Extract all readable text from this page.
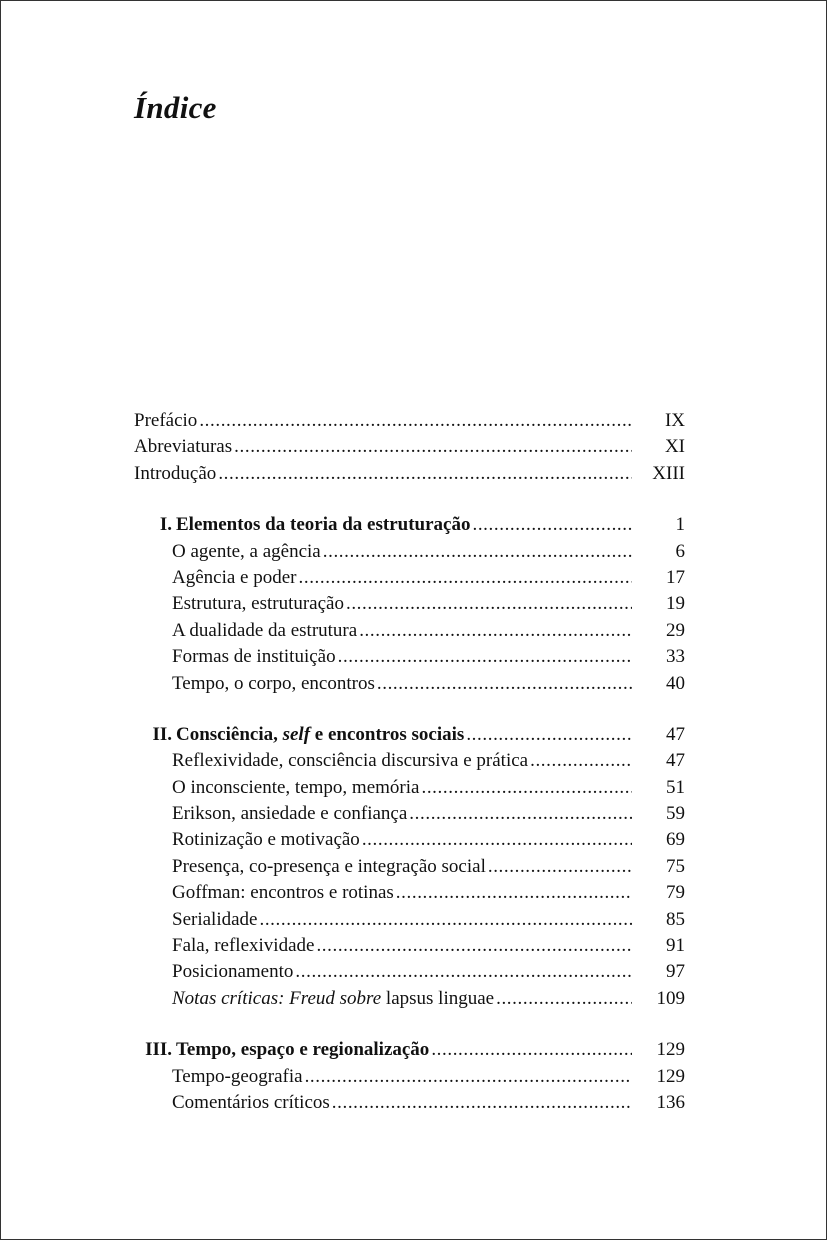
Índice
Prefácio .....	IX
Abreviaturas .....	XI
Introdução .....	XIII
I. Elementos da teoria da estruturação .....	1
O agente, a agência .....	6
Agência e poder .....	17
Estrutura, estruturação .....	19
A dualidade da estrutura .....	29
Formas de instituição .....	33
Tempo, o corpo, encontros .....	40
II. Consciência, self e encontros sociais .....	47
Reflexividade, consciência discursiva e prática .....	47
O inconsciente, tempo, memória .....	51
Erikson, ansiedade e confiança .....	59
Rotinização e motivação .....	69
Presença, co-presença e integração social .....	75
Goffman: encontros e rotinas .....	79
Serialidade .....	85
Fala, reflexividade .....	91
Posicionamento .....	97
Notas críticas: Freud sobre lapsus linguae .....	109
III. Tempo, espaço e regionalização .....	129
Tempo-geografia .....	129
Comentários críticos .....	136
